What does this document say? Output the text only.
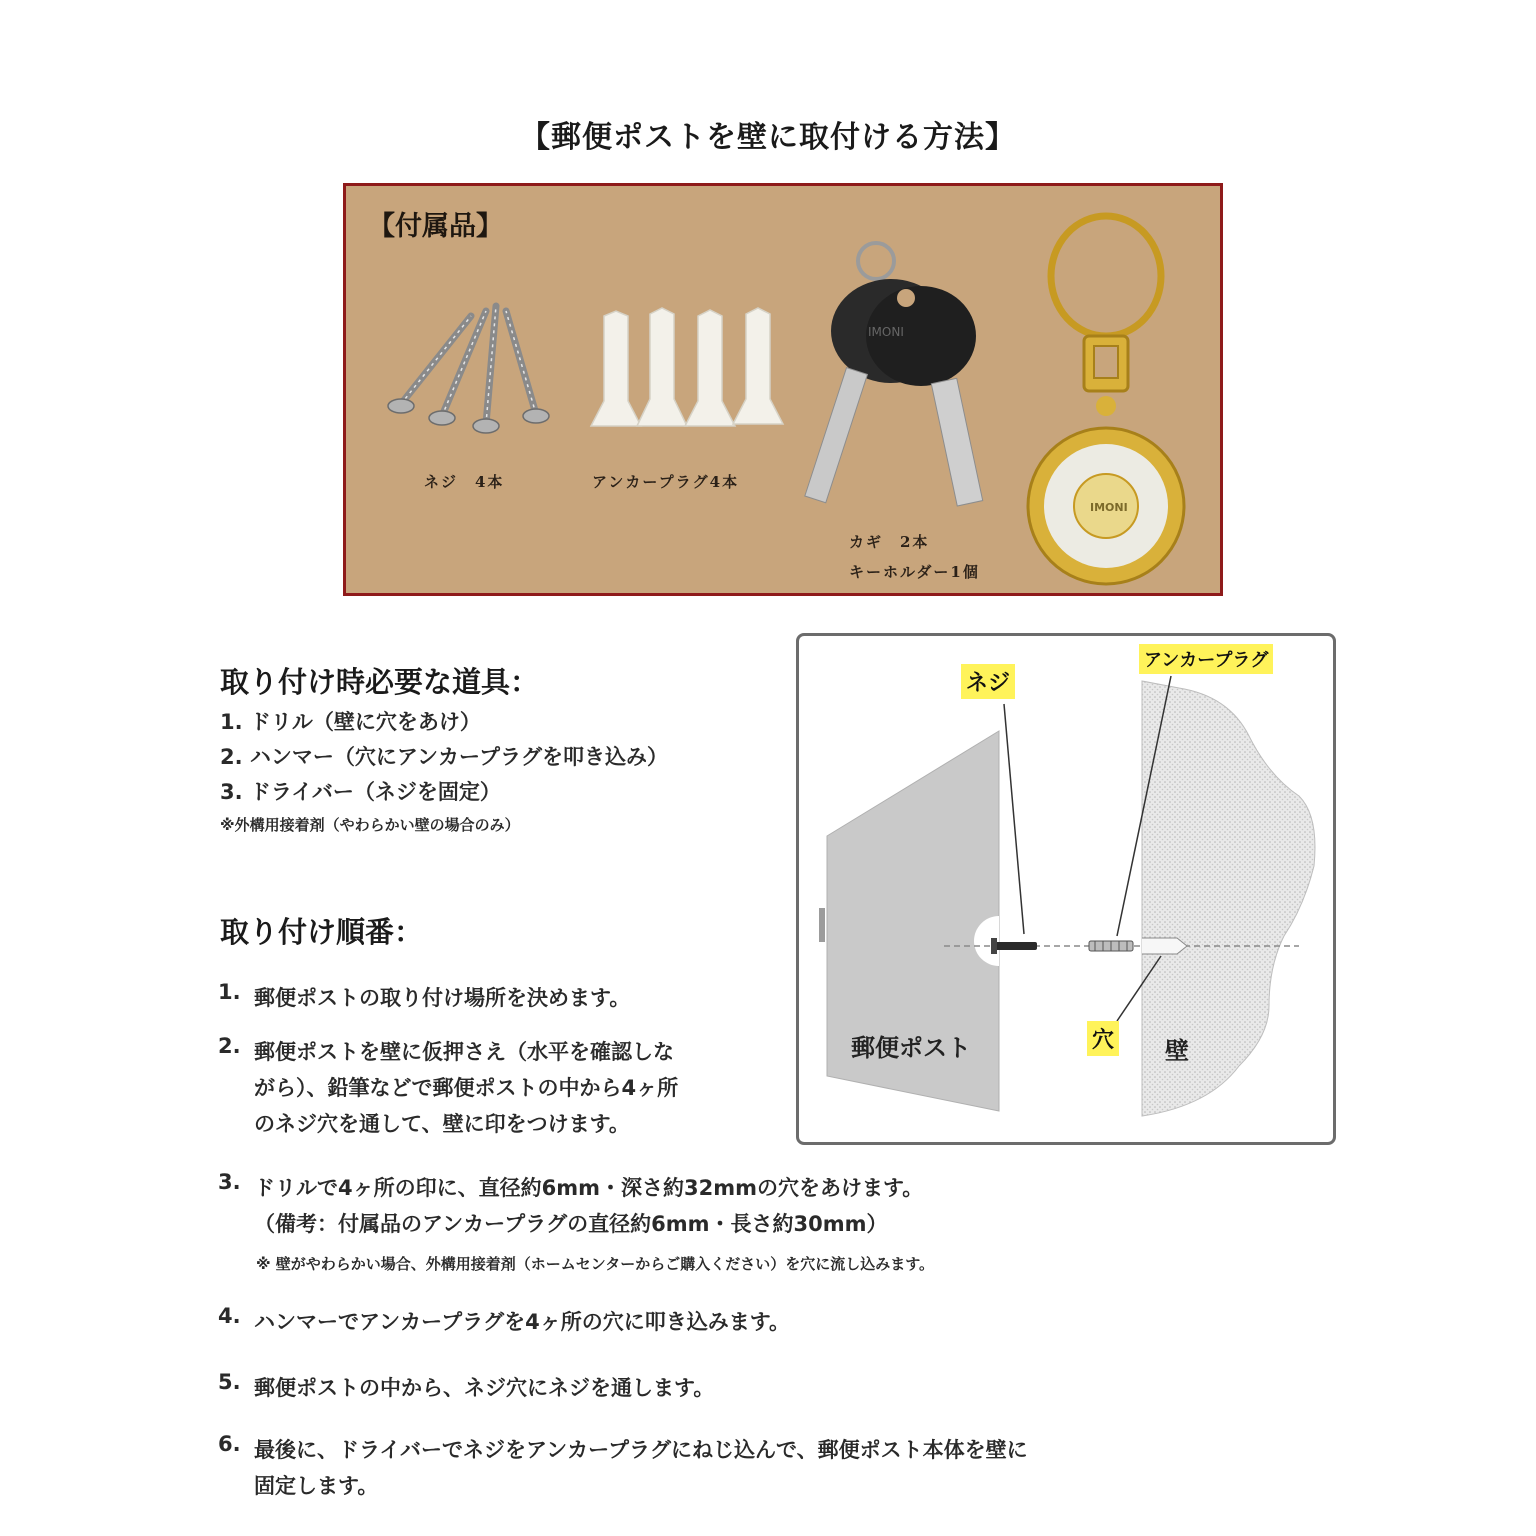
【郵便ポストを壁に取付ける方法】
【付属品】
IMONI
IMONI
ネジ　4本	アンカープラグ4本
カギ　2本
キーホルダー1個
取り付け時必要な道具：
1. ドリル（壁に穴をあけ）
2. ハンマー（穴にアンカープラグを叩き込み）
3. ドライバー（ネジを固定）
※外構用接着剤（やわらかい壁の場合のみ）
取り付け順番：
1. 郵便ポストの取り付け場所を決めます。
2. 郵便ポストを壁に仮押さえ（水平を確認しな
がら）、鉛筆などで郵便ポストの中から4ヶ所
のネジ穴を通して、壁に印をつけます。
3. ドリルで4ヶ所の印に、直径約6mm・深さ約32mmの穴をあけます。
（備考：付属品のアンカープラグの直径約6mm・長さ約30mm）
※ 壁がやわらかい場合、外構用接着剤（ホームセンターからご購入ください）を穴に流し込みます。
4. ハンマーでアンカープラグを4ヶ所の穴に叩き込みます。
5. 郵便ポストの中から、ネジ穴にネジを通します。
6. 最後に、ドライバーでネジをアンカープラグにねじ込んで、郵便ポスト本体を壁に
固定します。
ネジ
アンカープラグ
穴
郵便ポスト	壁
